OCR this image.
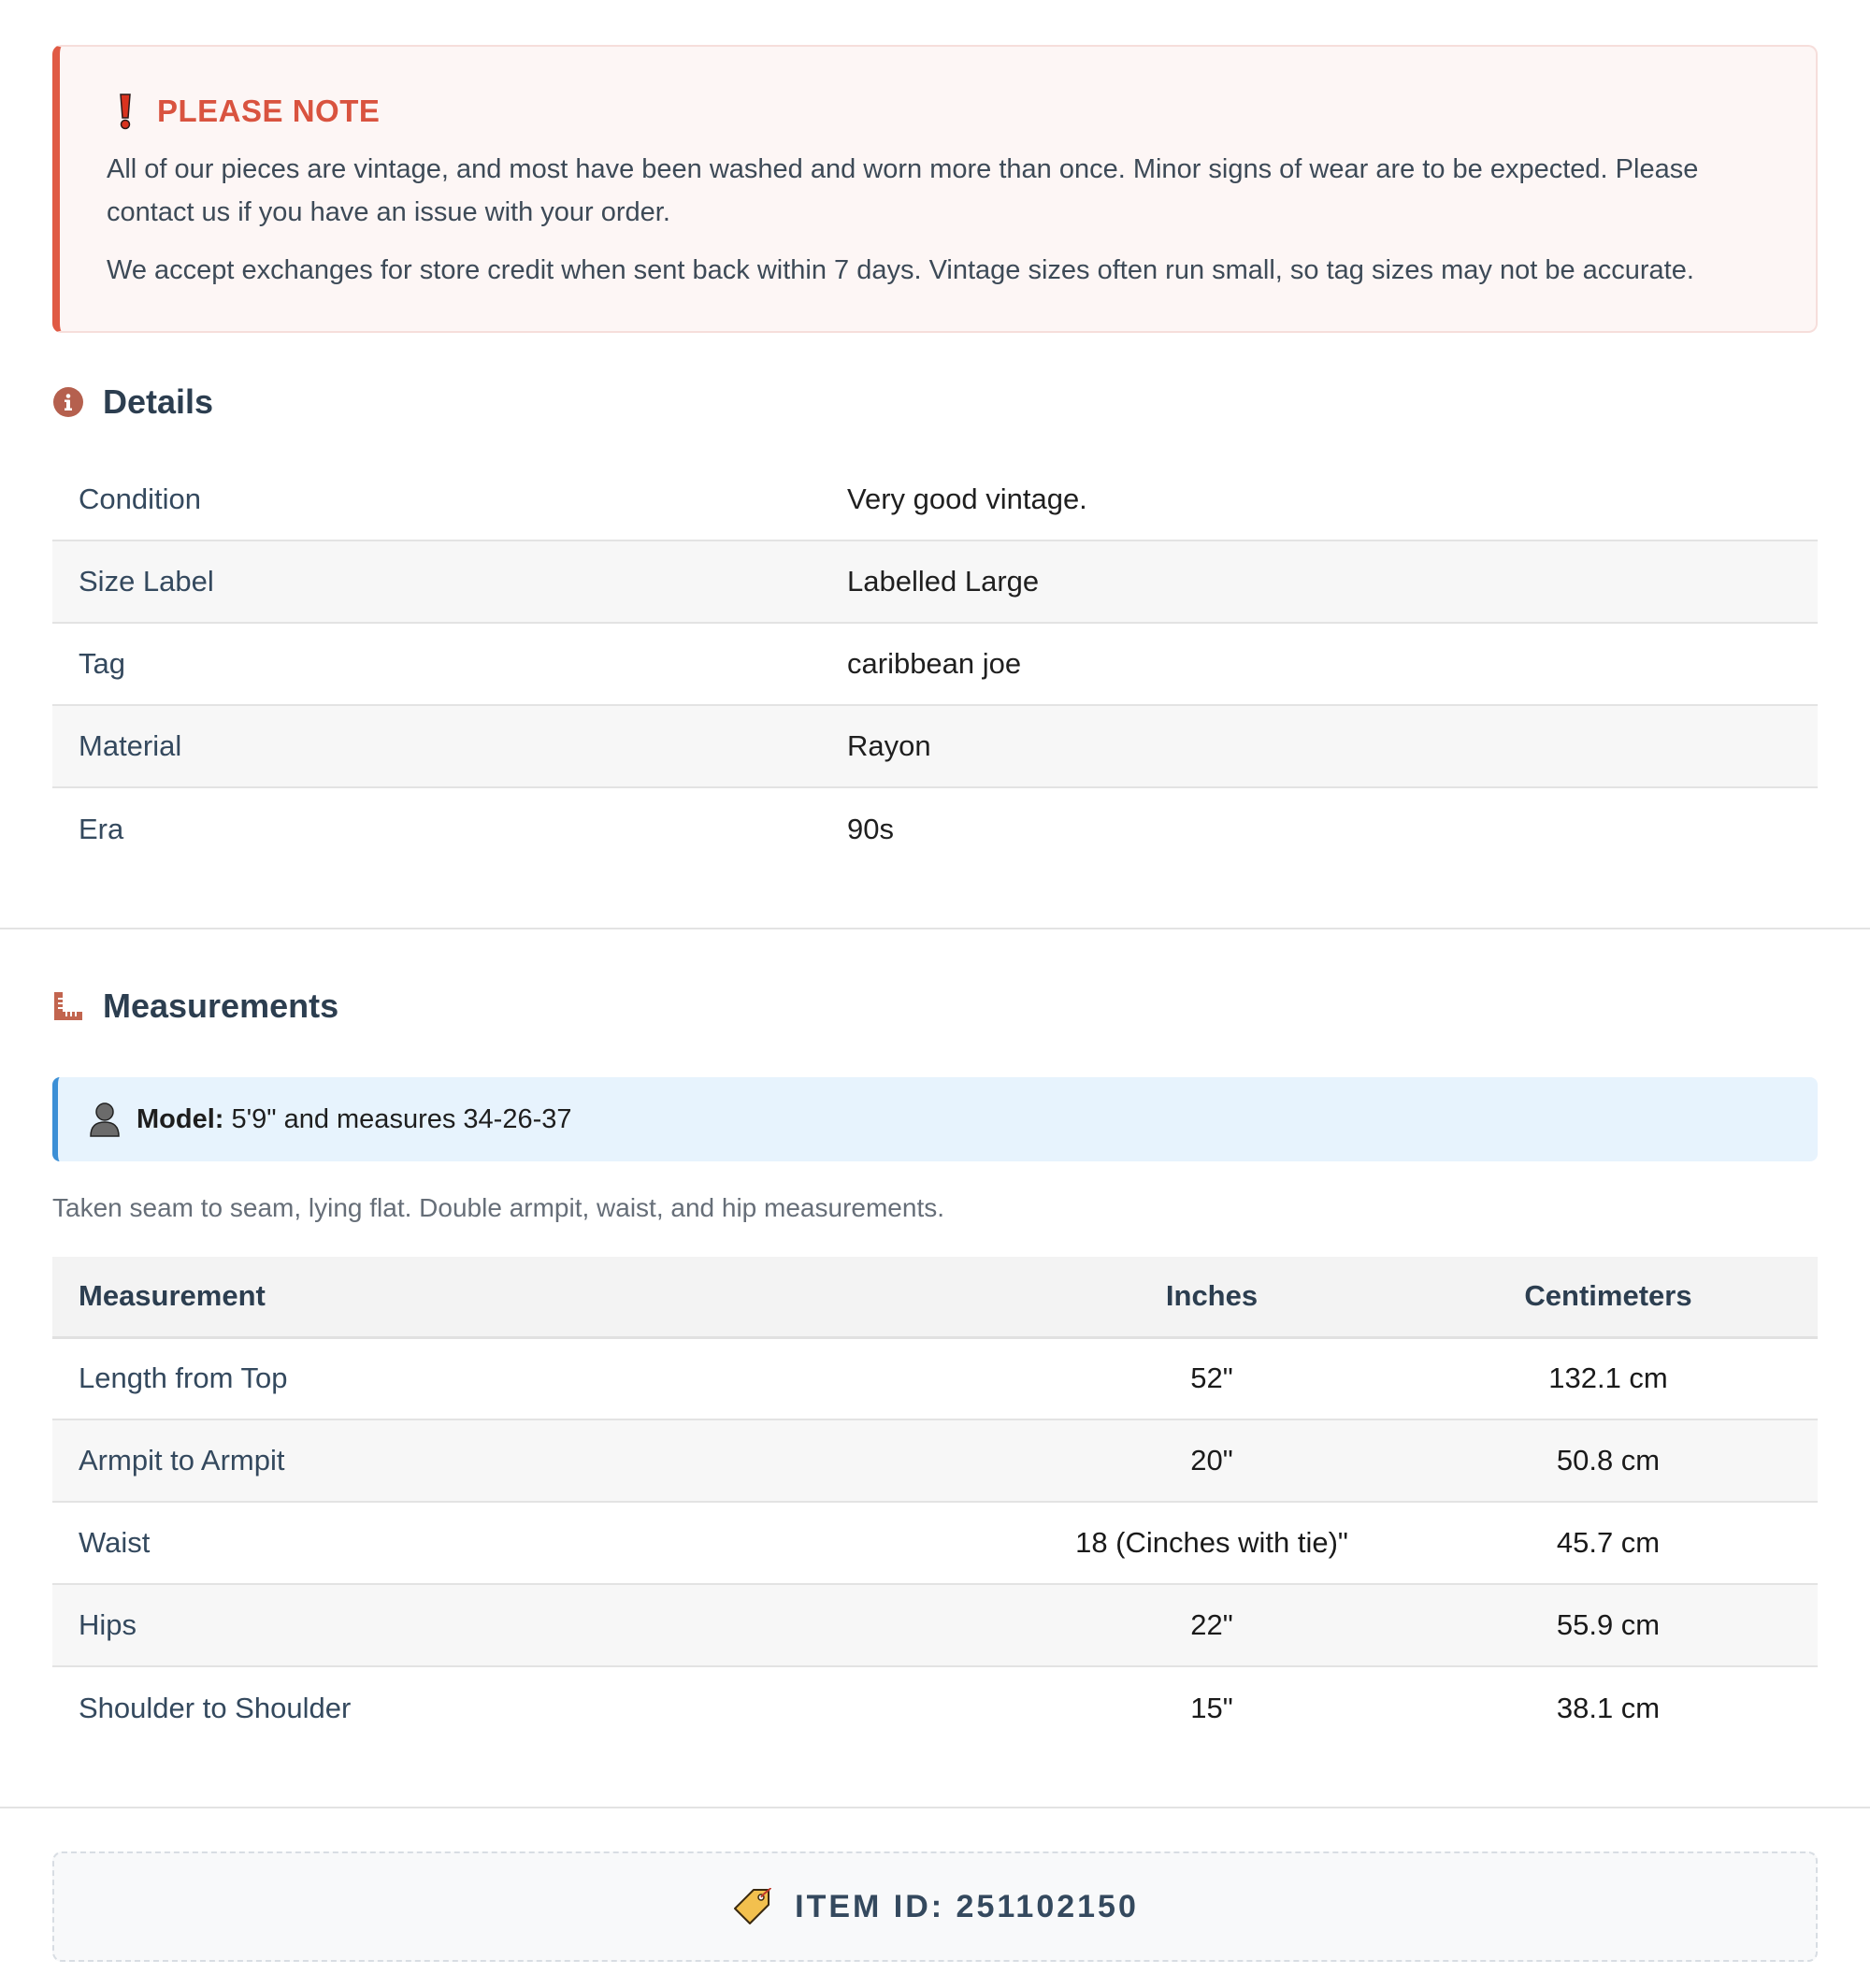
PLEASE NOTE

All of our pieces are vintage, and most have been washed and worn more than once. Minor signs of wear are to be expected. Please contact us if you have an issue with your order.

We accept exchanges for store credit when sent back within 7 days. Vintage sizes often run small, so tag sizes may not be accurate.

Details
Condition	Very good vintage.
Size Label	Labelled Large
Tag	caribbean joe
Material	Rayon
Era	90s
Measurements
Model: 5'9" and measures 34-26-37
Taken seam to seam, lying flat. Double armpit, waist, and hip measurements.
Measurement	Inches	Centimeters
Length from Top	52"	132.1 cm
Armpit to Armpit	20"	50.8 cm
Waist	18 (Cinches with tie)"	45.7 cm
Hips	22"	55.9 cm
Shoulder to Shoulder	15"	38.1 cm
ITEM ID: 251102150
